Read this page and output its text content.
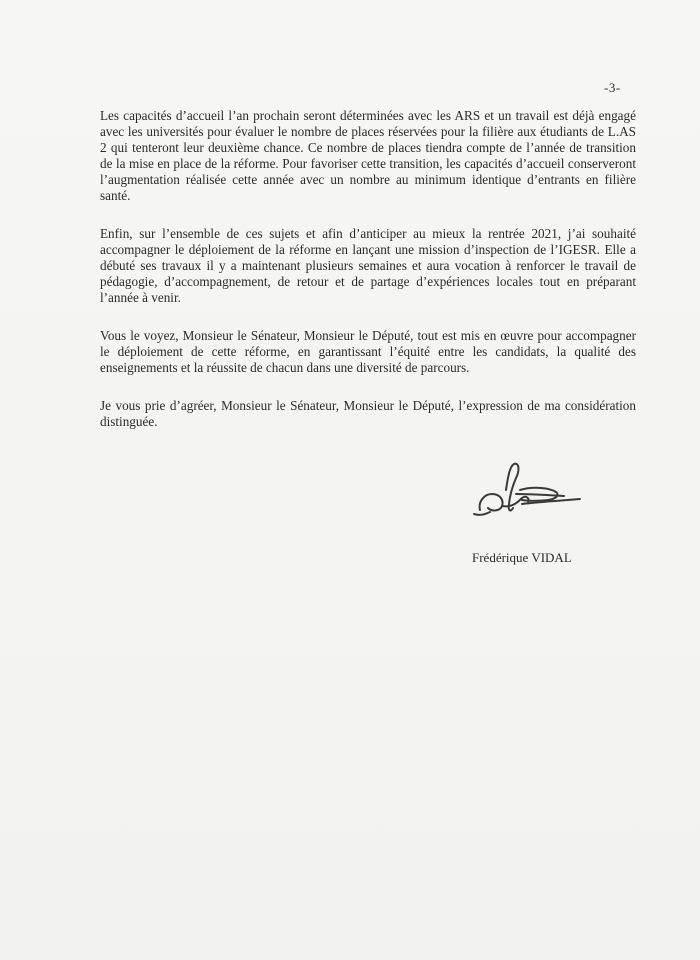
-3-

Les capacités d’accueil l’an prochain seront déterminées avec les ARS et un travail est déjà engagé avec les universités pour évaluer le nombre de places réservées pour la filière aux étudiants de L.AS 2 qui tenteront leur deuxième chance. Ce nombre de places tiendra compte de l’année de transition de la mise en place de la réforme. Pour favoriser cette transition, les capacités d’accueil conserveront l’augmentation réalisée cette année avec un nombre au minimum identique d’entrants en filière santé.

Enfin, sur l’ensemble de ces sujets et afin d’anticiper au mieux la rentrée 2021, j’ai souhaité accompagner le déploiement de la réforme en lançant une mission d’inspection de l’IGESR. Elle a débuté ses travaux il y a maintenant plusieurs semaines et aura vocation à renforcer le travail de pédagogie, d’accompagnement, de retour et de partage d’expériences locales tout en préparant l’année à venir.

Vous le voyez, Monsieur le Sénateur, Monsieur le Député, tout est mis en œuvre pour accompagner le déploiement de cette réforme, en garantissant l’équité entre les candidats, la qualité des enseignements et la réussite de chacun dans une diversité de parcours.

Je vous prie d’agréer, Monsieur le Sénateur, Monsieur le Député, l’expression de ma considération distinguée.

Frédérique VIDAL
